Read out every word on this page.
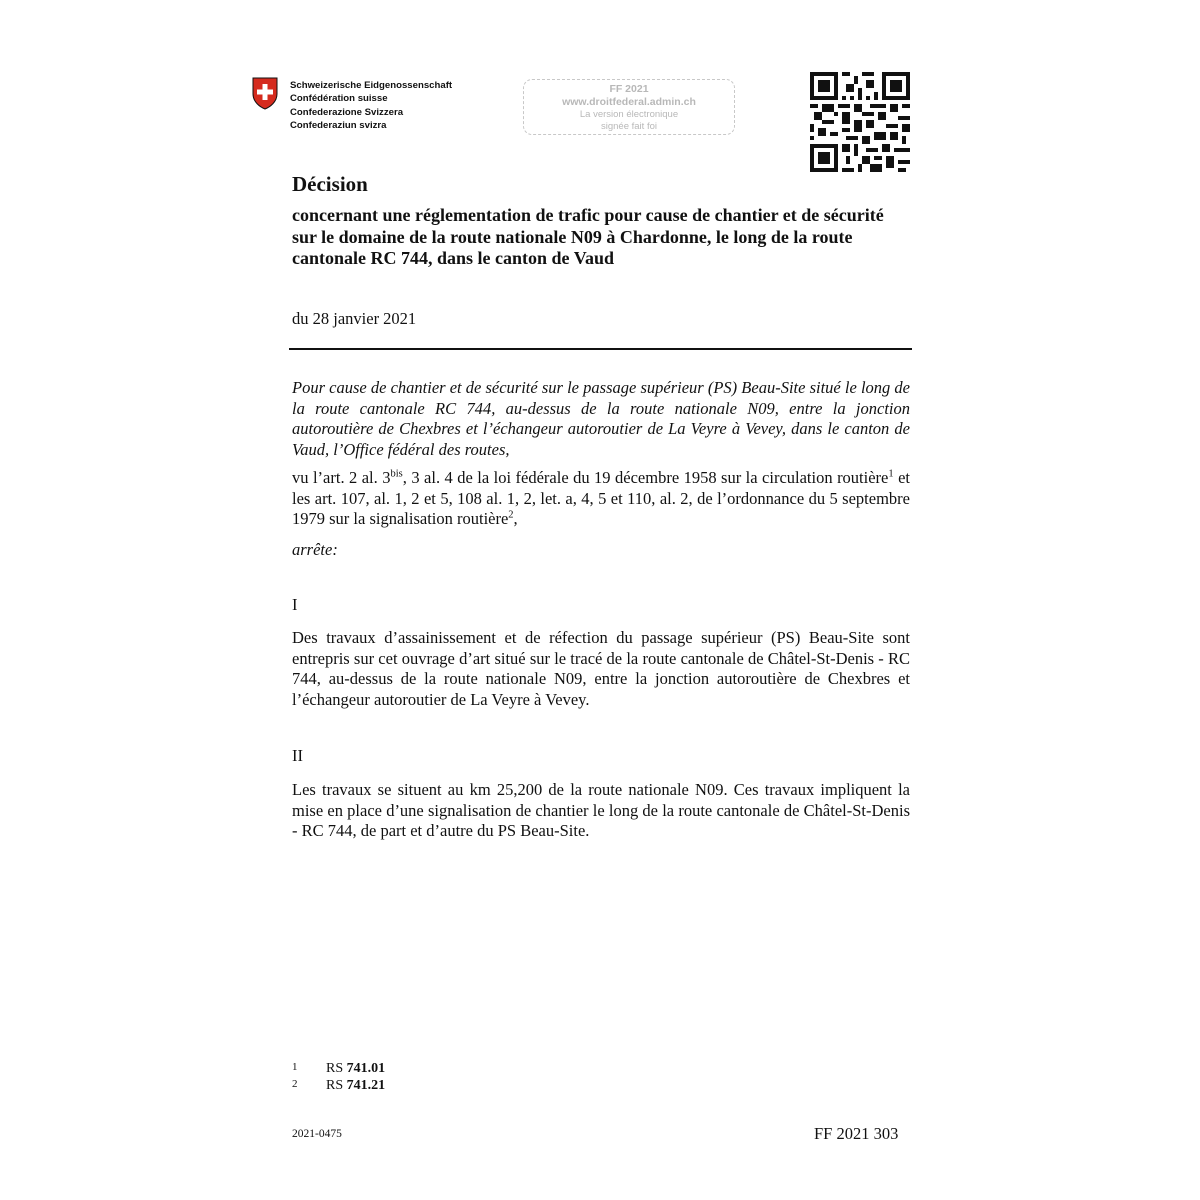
Schweizerische Eidgenossenschaft
Confédération suisse
Confederazione Svizzera
Confederaziun svizra
FF 2021
www.droitfederal.admin.ch
La version électronique
signée fait foi
Décision
concernant une réglementation de trafic pour cause de chantier et de sécurité sur le domaine de la route nationale N09 à Chardonne, le long de la route cantonale RC 744, dans le canton de Vaud
du 28 janvier 2021
Pour cause de chantier et de sécurité sur le passage supérieur (PS) Beau-Site situé le long de la route cantonale RC 744, au-dessus de la route nationale N09, entre la jonction autoroutière de Chexbres et l’échangeur autoroutier de La Veyre à Vevey, dans le canton de Vaud, l’Office fédéral des routes,
vu l’art. 2 al. $3^{bis}$, 3 al. 4 de la loi fédérale du 19 décembre 1958 sur la circulation routière$^1$ et les art. 107, al. 1, 2 et 5, 108 al. 1, 2, let. a, 4, 5 et 110, al. 2, de l’ordonnance du 5 septembre 1979 sur la signalisation routière$^2$,
arrête:
I
Des travaux d’assainissement et de réfection du passage supérieur (PS) Beau-Site sont entrepris sur cet ouvrage d’art situé sur le tracé de la route cantonale de Châtel-St-Denis - RC 744, au-dessus de la route nationale N09, entre la jonction autoroutière de Chexbres et l’échangeur autoroutier de La Veyre à Vevey.
II
Les travaux se situent au km 25,200 de la route nationale N09. Ces travaux impliquent la mise en place d’une signalisation de chantier le long de la route cantonale de Châtel-St-Denis - RC 744, de part et d’autre du PS Beau-Site.
1 RS 741.01
2 RS 741.21
2021-0475	FF 2021 303
